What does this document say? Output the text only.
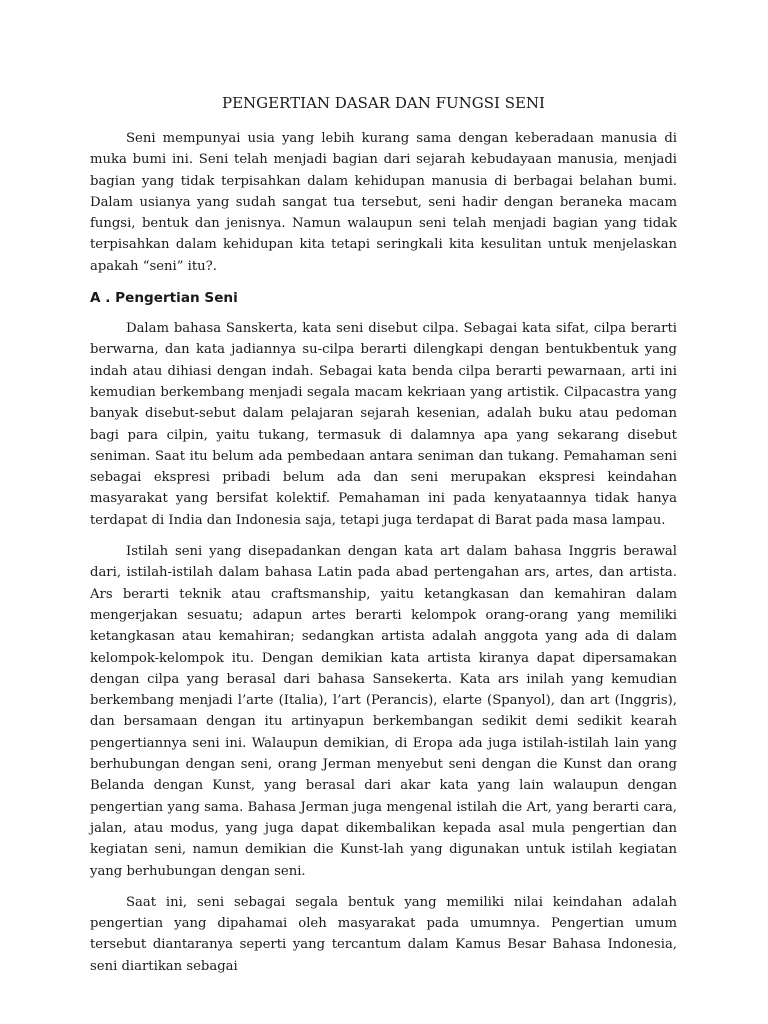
PENGERTIAN DASAR DAN FUNGSI SENI

Seni mempunyai usia yang lebih kurang sama dengan keberadaan manusia di muka bumi ini. Seni telah menjadi bagian dari sejarah kebudayaan manusia, menjadi bagian yang tidak terpisahkan dalam kehidupan manusia di berbagai belahan bumi. Dalam usianya yang sudah sangat tua tersebut, seni hadir dengan beraneka macam fungsi, bentuk dan jenisnya. Namun walaupun seni telah menjadi bagian yang tidak terpisahkan dalam kehidupan kita tetapi seringkali kita kesulitan untuk menjelaskan apakah “seni” itu?.

A . Pengertian Seni

Dalam bahasa Sanskerta, kata seni disebut cilpa. Sebagai kata sifat, cilpa berarti berwarna, dan kata jadiannya su-cilpa berarti dilengkapi dengan bentukbentuk yang indah atau dihiasi dengan indah. Sebagai kata benda cilpa berarti pewarnaan, arti ini kemudian berkembang menjadi segala macam kekriaan yang artistik. Cilpacastra yang banyak disebut-sebut dalam pelajaran sejarah kesenian, adalah buku atau pedoman bagi para cilpin, yaitu tukang, termasuk di dalamnya apa yang sekarang disebut seniman. Saat itu belum ada pembedaan antara seniman dan tukang. Pemahaman seni sebagai ekspresi pribadi belum ada dan seni merupakan ekspresi keindahan masyarakat yang bersifat kolektif. Pemahaman ini pada kenyataannya tidak hanya terdapat di India dan Indonesia saja, tetapi juga terdapat di Barat pada masa lampau.

Istilah seni yang disepadankan dengan kata art dalam bahasa Inggris berawal dari, istilah-istilah dalam bahasa Latin pada abad pertengahan ars, artes, dan artista. Ars berarti teknik atau craftsmanship, yaitu ketangkasan dan kemahiran dalam mengerjakan sesuatu; adapun artes berarti kelompok orang-orang yang memiliki ketangkasan atau kemahiran; sedangkan artista adalah anggota yang ada di dalam kelompok-kelompok itu. Dengan demikian kata artista kiranya dapat dipersamakan dengan cilpa yang berasal dari bahasa Sansekerta. Kata ars inilah yang kemudian berkembang menjadi l’arte (Italia), l’art (Perancis), elarte (Spanyol), dan art (Inggris), dan bersamaan dengan itu artinyapun berkembangan sedikit demi sedikit kearah pengertiannya seni ini. Walaupun demikian, di Eropa ada juga istilah-istilah lain yang berhubungan dengan seni, orang Jerman menyebut seni dengan die Kunst dan orang Belanda dengan Kunst, yang berasal dari akar kata yang lain walaupun dengan pengertian yang sama. Bahasa Jerman juga mengenal istilah die Art, yang berarti cara, jalan, atau modus, yang juga dapat dikembalikan kepada asal mula pengertian dan kegiatan seni, namun demikian die Kunst-lah yang digunakan untuk istilah kegiatan yang berhubungan dengan seni.

Saat ini, seni sebagai segala bentuk yang memiliki nilai keindahan adalah pengertian yang dipahamai oleh masyarakat pada umumnya. Pengertian umum tersebut diantaranya seperti yang tercantum dalam Kamus Besar Bahasa Indonesia, seni diartikan sebagai
